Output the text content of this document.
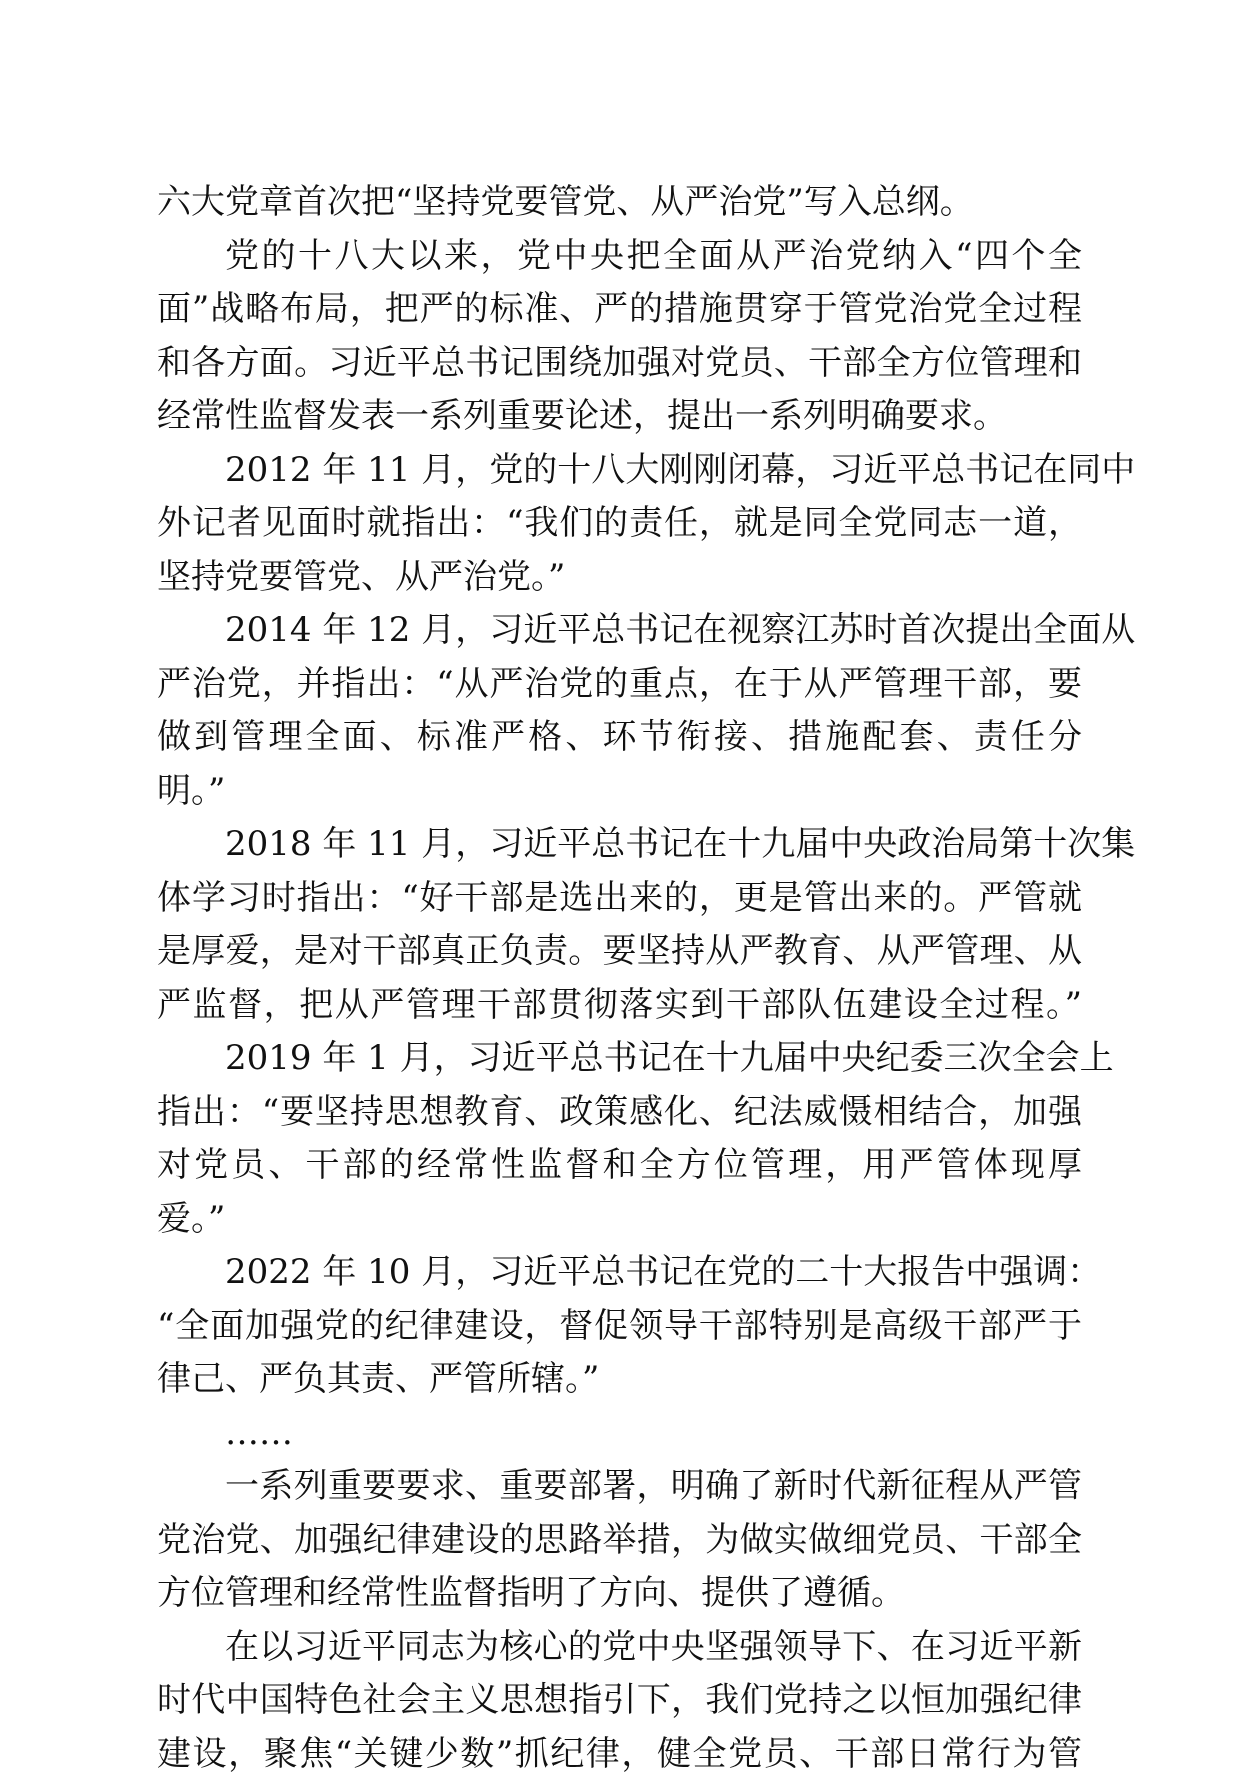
六大党章首次把“坚持党要管党、从严治党”写入总纲。
党的十八大以来，党中央把全面从严治党纳入“四个全
面”战略布局，把严的标准、严的措施贯穿于管党治党全过程
和各方面。习近平总书记围绕加强对党员、干部全方位管理和
经常性监督发表一系列重要论述，提出一系列明确要求。
2012 年 11 月，党的十八大刚刚闭幕，习近平总书记在同中
外记者见面时就指出：“我们的责任，就是同全党同志一道，
坚持党要管党、从严治党。”
2014 年 12 月，习近平总书记在视察江苏时首次提出全面从
严治党，并指出：“从严治党的重点，在于从严管理干部，要
做到管理全面、标准严格、环节衔接、措施配套、责任分
明。”
2018 年 11 月，习近平总书记在十九届中央政治局第十次集
体学习时指出：“好干部是选出来的，更是管出来的。严管就
是厚爱，是对干部真正负责。要坚持从严教育、从严管理、从
严监督，把从严管理干部贯彻落实到干部队伍建设全过程。”
2019 年 1 月，习近平总书记在十九届中央纪委三次全会上
指出：“要坚持思想教育、政策感化、纪法威慑相结合，加强
对党员、干部的经常性监督和全方位管理，用严管体现厚
爱。”
2022 年 10 月，习近平总书记在党的二十大报告中强调：
“全面加强党的纪律建设，督促领导干部特别是高级干部严于
律己、严负其责、严管所辖。”
……
一系列重要要求、重要部署，明确了新时代新征程从严管
党治党、加强纪律建设的思路举措，为做实做细党员、干部全
方位管理和经常性监督指明了方向、提供了遵循。
在以习近平同志为核心的党中央坚强领导下、在习近平新
时代中国特色社会主义思想指引下，我们党持之以恒加强纪律
建设，聚焦“关键少数”抓纪律，健全党员、干部日常行为管
